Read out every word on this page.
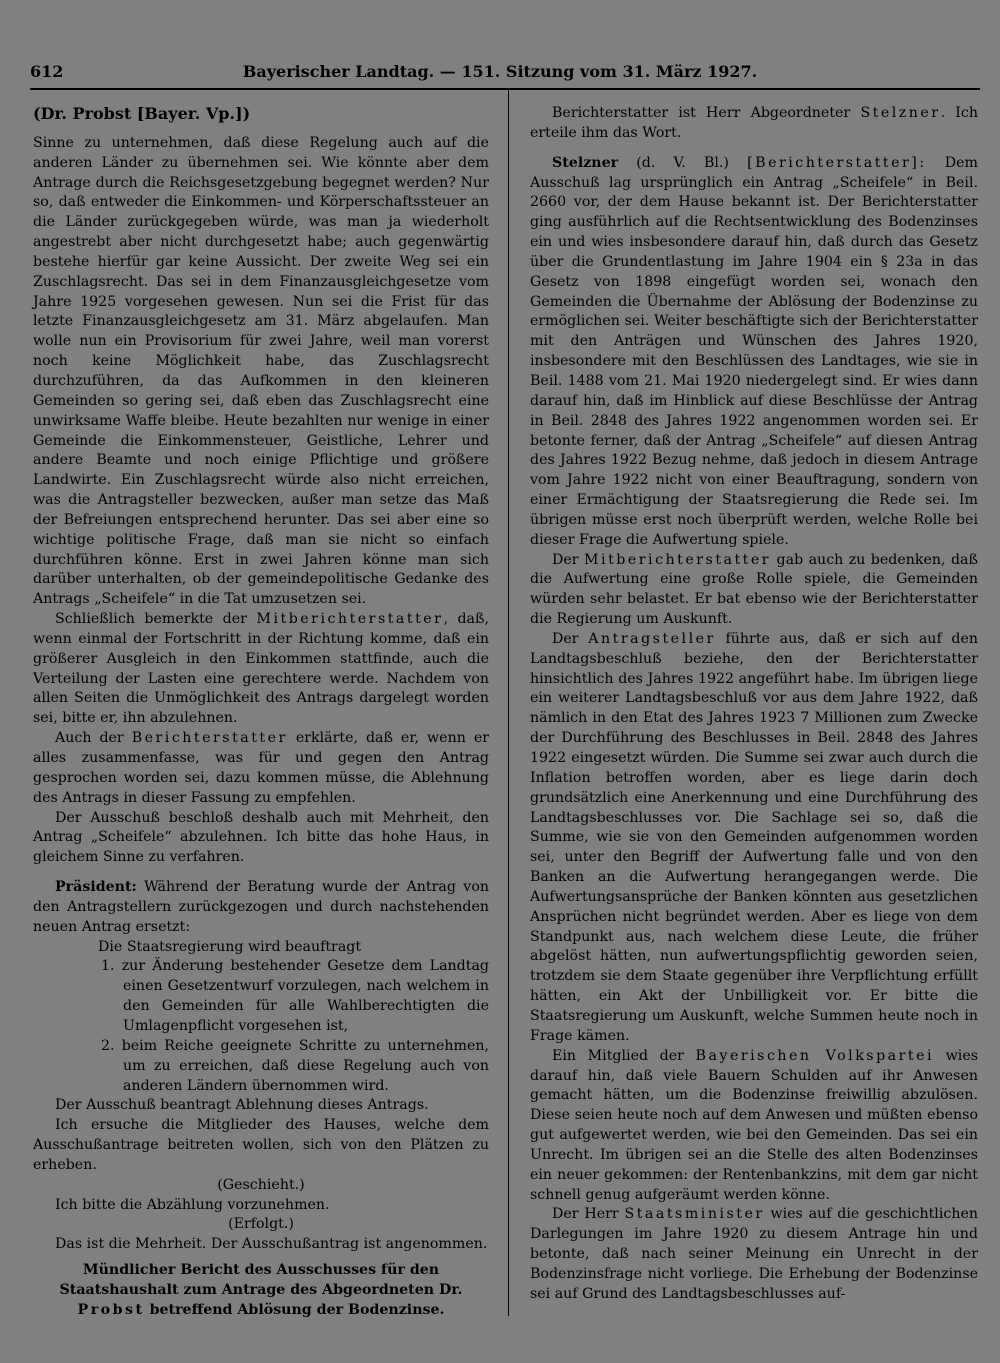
612	Bayerischer Landtag. — 151. Sitzung vom 31. März 1927.

(Dr. Probst [Bayer. Vp.])

Sinne zu unternehmen, daß diese Regelung auch auf die anderen Länder zu übernehmen sei. Wie könnte aber dem Antrage durch die Reichsgesetzgebung begegnet werden? Nur so, daß entweder die Einkommen- und Körperschaftssteuer an die Länder zurückgegeben würde, was man ja wiederholt angestrebt aber nicht durchgesetzt habe; auch gegenwärtig bestehe hierfür gar keine Aussicht. Der zweite Weg sei ein Zuschlagsrecht. Das sei in dem Finanzausgleichgesetze vom Jahre 1925 vorgesehen gewesen. Nun sei die Frist für das letzte Finanzausgleichgesetz am 31. März abgelaufen. Man wolle nun ein Provisorium für zwei Jahre, weil man vorerst noch keine Möglichkeit habe, das Zuschlagsrecht durchzuführen, da das Aufkommen in den kleineren Gemeinden so gering sei, daß eben das Zuschlagsrecht eine unwirksame Waffe bleibe. Heute bezahlten nur wenige in einer Gemeinde die Einkommensteuer, Geistliche, Lehrer und andere Beamte und noch einige Pflichtige und größere Landwirte. Ein Zuschlagsrecht würde also nicht erreichen, was die Antragsteller bezwecken, außer man setze das Maß der Befreiungen entsprechend herunter. Das sei aber eine so wichtige politische Frage, daß man sie nicht so einfach durchführen könne. Erst in zwei Jahren könne man sich darüber unterhalten, ob der gemeindepolitische Gedanke des Antrags „Scheifele“ in die Tat umzusetzen sei.

Schließlich bemerkte der Mitberichterstatter, daß, wenn einmal der Fortschritt in der Richtung komme, daß ein größerer Ausgleich in den Einkommen stattfinde, auch die Verteilung der Lasten eine gerechtere werde. Nachdem von allen Seiten die Unmöglichkeit des Antrags dargelegt worden sei, bitte er, ihn abzulehnen.

Auch der Berichterstatter erklärte, daß er, wenn er alles zusammenfasse, was für und gegen den Antrag gesprochen worden sei, dazu kommen müsse, die Ablehnung des Antrags in dieser Fassung zu empfehlen.

Der Ausschuß beschloß deshalb auch mit Mehrheit, den Antrag „Scheifele“ abzulehnen. Ich bitte das hohe Haus, in gleichem Sinne zu verfahren.

Präsident: Während der Beratung wurde der Antrag von den Antragstellern zurückgezogen und durch nachstehenden neuen Antrag ersetzt:

Die Staatsregierung wird beauftragt

1. zur Änderung bestehender Gesetze dem Landtag einen Gesetzentwurf vorzulegen, nach welchem in den Gemeinden für alle Wahlberechtigten die Umlagenpflicht vorgesehen ist,

2. beim Reiche geeignete Schritte zu unternehmen, um zu erreichen, daß diese Regelung auch von anderen Ländern übernommen wird.

Der Ausschuß beantragt Ablehnung dieses Antrags.

Ich ersuche die Mitglieder des Hauses, welche dem Ausschußantrage beitreten wollen, sich von den Plätzen zu erheben.

(Geschieht.)

Ich bitte die Abzählung vorzunehmen.

(Erfolgt.)

Das ist die Mehrheit. Der Ausschußantrag ist angenommen.

Mündlicher Bericht des Ausschusses für den Staatshaushalt zum Antrage des Abgeordneten Dr. Probst betreffend Ablösung der Bodenzinse.

Berichterstatter ist Herr Abgeordneter Stelzner. Ich erteile ihm das Wort.

Stelzner (d. V. Bl.) [Berichterstatter]: Dem Ausschuß lag ursprünglich ein Antrag „Scheifele“ in Beil. 2660 vor, der dem Hause bekannt ist. Der Berichterstatter ging ausführlich auf die Rechtsentwicklung des Bodenzinses ein und wies insbesondere darauf hin, daß durch das Gesetz über die Grundentlastung im Jahre 1904 ein § 23a in das Gesetz von 1898 eingefügt worden sei, wonach den Gemeinden die Übernahme der Ablösung der Bodenzinse zu ermöglichen sei. Weiter beschäftigte sich der Berichterstatter mit den Anträgen und Wünschen des Jahres 1920, insbesondere mit den Beschlüssen des Landtages, wie sie in Beil. 1488 vom 21. Mai 1920 niedergelegt sind. Er wies dann darauf hin, daß im Hinblick auf diese Beschlüsse der Antrag in Beil. 2848 des Jahres 1922 angenommen worden sei. Er betonte ferner, daß der Antrag „Scheifele“ auf diesen Antrag des Jahres 1922 Bezug nehme, daß jedoch in diesem Antrage vom Jahre 1922 nicht von einer Beauftragung, sondern von einer Ermächtigung der Staatsregierung die Rede sei. Im übrigen müsse erst noch überprüft werden, welche Rolle bei dieser Frage die Aufwertung spiele.

Der Mitberichterstatter gab auch zu bedenken, daß die Aufwertung eine große Rolle spiele, die Gemeinden würden sehr belastet. Er bat ebenso wie der Berichterstatter die Regierung um Auskunft.

Der Antragsteller führte aus, daß er sich auf den Landtagsbeschluß beziehe, den der Berichterstatter hinsichtlich des Jahres 1922 angeführt habe. Im übrigen liege ein weiterer Landtagsbeschluß vor aus dem Jahre 1922, daß nämlich in den Etat des Jahres 1923 7 Millionen zum Zwecke der Durchführung des Beschlusses in Beil. 2848 des Jahres 1922 eingesetzt würden. Die Summe sei zwar auch durch die Inflation betroffen worden, aber es liege darin doch grundsätzlich eine Anerkennung und eine Durchführung des Landtagsbeschlusses vor. Die Sachlage sei so, daß die Summe, wie sie von den Gemeinden aufgenommen worden sei, unter den Begriff der Aufwertung falle und von den Banken an die Aufwertung herangegangen werde. Die Aufwertungsansprüche der Banken könnten aus gesetzlichen Ansprüchen nicht begründet werden. Aber es liege von dem Standpunkt aus, nach welchem diese Leute, die früher abgelöst hätten, nun aufwertungspflichtig geworden seien, trotzdem sie dem Staate gegenüber ihre Verpflichtung erfüllt hätten, ein Akt der Unbilligkeit vor. Er bitte die Staatsregierung um Auskunft, welche Summen heute noch in Frage kämen.

Ein Mitglied der Bayerischen Volkspartei wies darauf hin, daß viele Bauern Schulden auf ihr Anwesen gemacht hätten, um die Bodenzinse freiwillig abzulösen. Diese seien heute noch auf dem Anwesen und müßten ebenso gut aufgewertet werden, wie bei den Gemeinden. Das sei ein Unrecht. Im übrigen sei an die Stelle des alten Bodenzinses ein neuer gekommen: der Rentenbankzins, mit dem gar nicht schnell genug aufgeräumt werden könne.

Der Herr Staatsminister wies auf die geschichtlichen Darlegungen im Jahre 1920 zu diesem Antrage hin und betonte, daß nach seiner Meinung ein Unrecht in der Bodenzinsfrage nicht vorliege. Die Erhebung der Bodenzinse sei auf Grund des Landtagsbeschlusses auf-
